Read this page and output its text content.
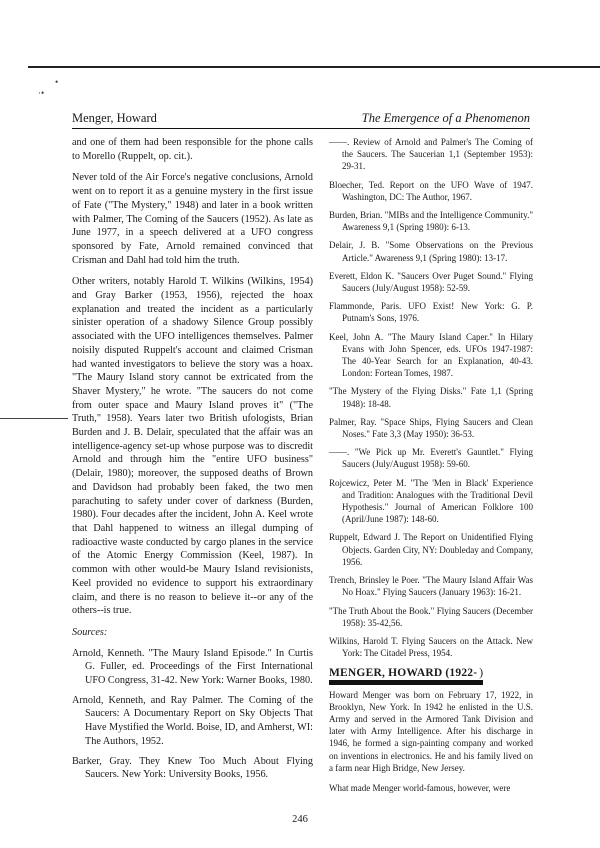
•
·•
Menger, Howard	The Emergence of a Phenomenon

and one of them had been responsible for the phone calls to Morello (Ruppelt, op. cit.).

Never told of the Air Force's negative conclusions, Arnold went on to report it as a genuine mystery in the first issue of Fate ("The Mystery," 1948) and later in a book written with Palmer, The Coming of the Saucers (1952). As late as June 1977, in a speech delivered at a UFO congress sponsored by Fate, Arnold remained convinced that Crisman and Dahl had told him the truth.

Other writers, notably Harold T. Wilkins (Wilkins, 1954) and Gray Barker (1953, 1956), rejected the hoax explanation and treated the incident as a particularly sinister operation of a shadowy Silence Group possibly associated with the UFO intelligences themselves. Palmer noisily disputed Ruppelt's account and claimed Crisman had wanted investigators to believe the story was a hoax. "The Maury Island story cannot be extricated from the Shaver Mystery," he wrote. "The saucers do not come from outer space and Maury Island proves it" ("The Truth," 1958). Years later two British ufologists, Brian Burden and J. B. Delair, speculated that the affair was an intelligence-agency set-up whose purpose was to discredit Arnold and through him the "entire UFO business" (Delair, 1980); moreover, the supposed deaths of Brown and Davidson had probably been faked, the two men parachuting to safety under cover of darkness (Burden, 1980). Four decades after the incident, John A. Keel wrote that Dahl happened to witness an illegal dumping of radioactive waste conducted by cargo planes in the service of the Atomic Energy Commission (Keel, 1987). In common with other would-be Maury Island revisionists, Keel provided no evidence to support his extraordinary claim, and there is no reason to believe it--or any of the others--is true.

Sources:
Arnold, Kenneth. "The Maury Island Episode." In Curtis G. Fuller, ed. Proceedings of the First International UFO Congress, 31-42. New York: Warner Books, 1980.
Arnold, Kenneth, and Ray Palmer. The Coming of the Saucers: A Documentary Report on Sky Objects That Have Mystified the World. Boise, ID, and Amherst, WI: The Authors, 1952.
Barker, Gray. They Knew Too Much About Flying Saucers. New York: University Books, 1956.
——. Review of Arnold and Palmer's The Coming of the Saucers. The Saucerian 1,1 (September 1953): 29-31.
Bloecher, Ted. Report on the UFO Wave of 1947. Washington, DC: The Author, 1967.
Burden, Brian. "MIBs and the Intelligence Community." Awareness 9,1 (Spring 1980): 6-13.
Delair, J. B. "Some Observations on the Previous Article." Awareness 9,1 (Spring 1980): 13-17.
Everett, Eldon K. "Saucers Over Puget Sound." Flying Saucers (July/August 1958): 52-59.
Flammonde, Paris. UFO Exist! New York: G. P. Putnam's Sons, 1976.
Keel, John A. "The Maury Island Caper." In Hilary Evans with John Spencer, eds. UFOs 1947-1987: The 40-Year Search for an Explanation, 40-43. London: Fortean Tomes, 1987.
"The Mystery of the Flying Disks." Fate 1,1 (Spring 1948): 18-48.
Palmer, Ray. "Space Ships, Flying Saucers and Clean Noses." Fate 3,3 (May 1950): 36-53.
——. "We Pick up Mr. Everett's Gauntlet." Flying Saucers (July/August 1958): 59-60.
Rojcewicz, Peter M. "The 'Men in Black' Experience and Tradition: Analogues with the Traditional Devil Hypothesis." Journal of American Folklore 100 (April/June 1987): 148-60.
Ruppelt, Edward J. The Report on Unidentified Flying Objects. Garden City, NY: Doubleday and Company, 1956.
Trench, Brinsley le Poer. "The Maury Island Affair Was No Hoax." Flying Saucers (January 1963): 16-21.
"The Truth About the Book." Flying Saucers (December 1958): 35-42,56.
Wilkins, Harold T. Flying Saucers on the Attack. New York: The Citadel Press, 1954.
MENGER, HOWARD (1922- )

Howard Menger was born on February 17, 1922, in Brooklyn, New York. In 1942 he enlisted in the U.S. Army and served in the Armored Tank Division and later with Army Intelligence. After his discharge in 1946, he formed a sign-painting company and worked on inventions in electronics. He and his family lived on a farm near High Bridge, New Jersey.

What made Menger world-famous, however, were

246
